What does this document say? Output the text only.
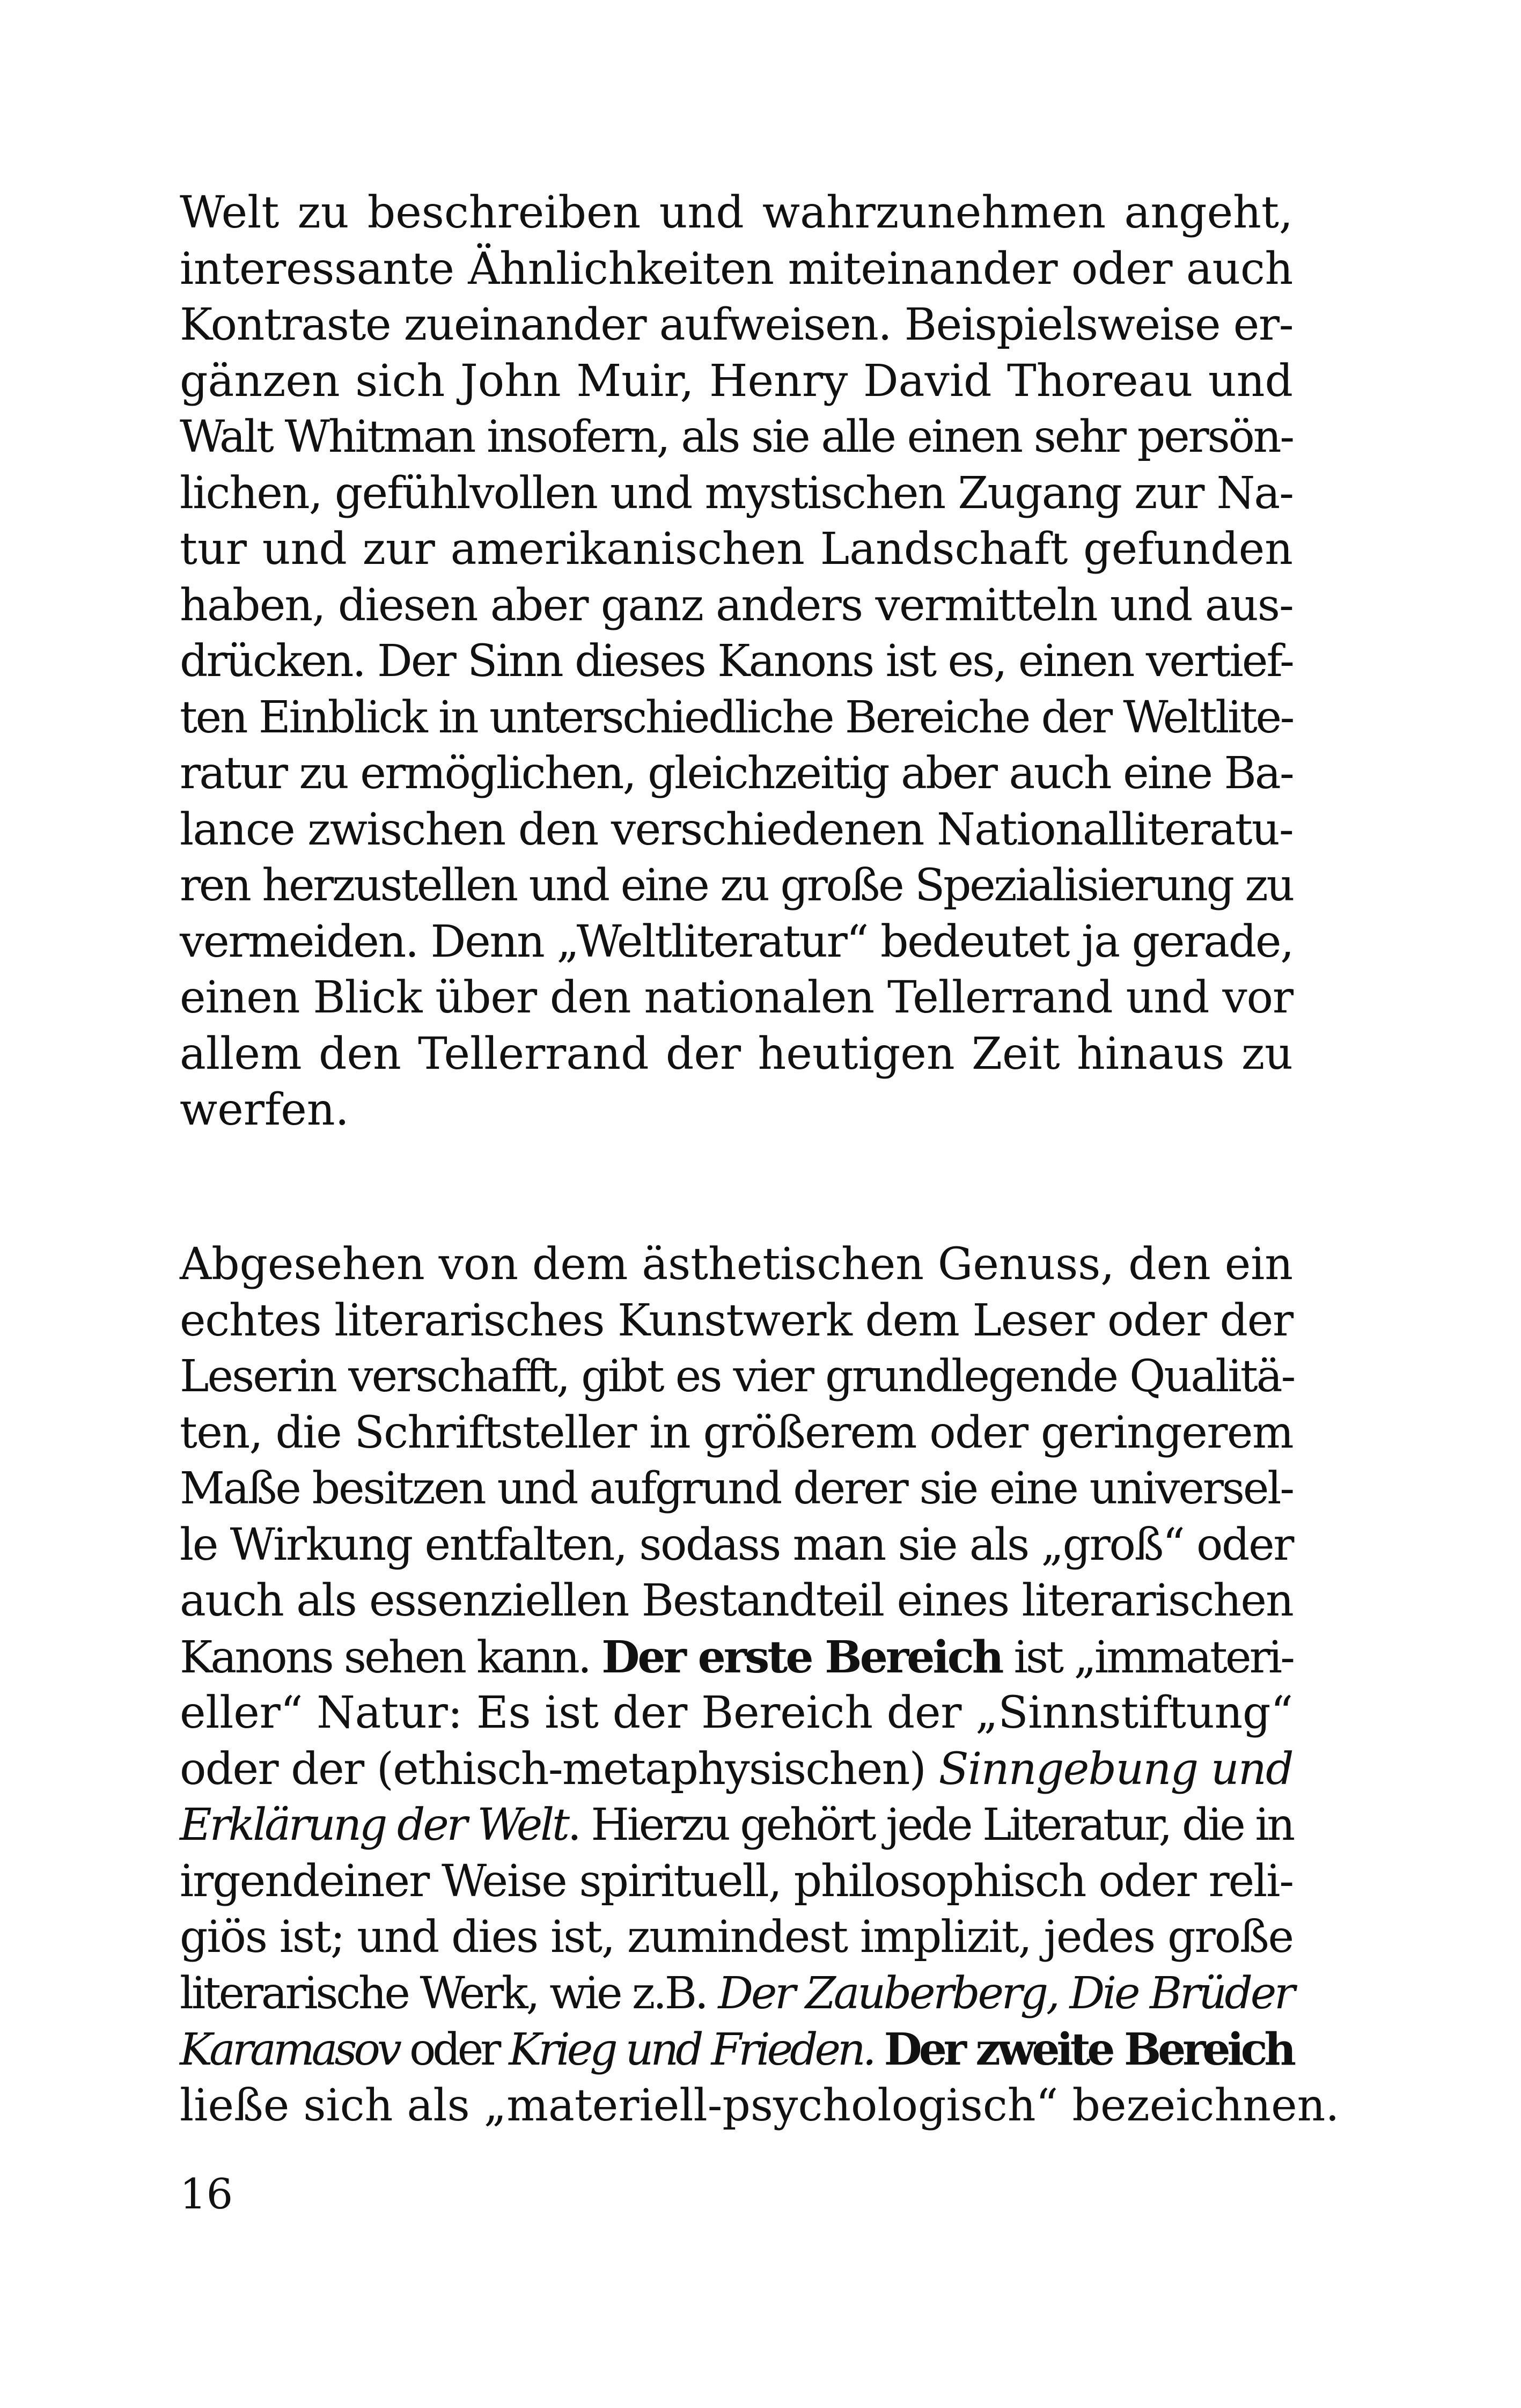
Welt zu beschreiben und wahrzunehmen angeht,
interessante Ähnlichkeiten miteinander oder auch
Kontraste zueinander aufweisen. Beispielsweise er-
gänzen sich John Muir, Henry David Thoreau und
Walt Whitman insofern, als sie alle einen sehr persön-
lichen, gefühlvollen und mystischen Zugang zur Na-
tur und zur amerikanischen Landschaft gefunden
haben, diesen aber ganz anders vermitteln und aus-
drücken. Der Sinn dieses Kanons ist es, einen vertief-
ten Einblick in unterschiedliche Bereiche der Weltlite-
ratur zu ermöglichen, gleichzeitig aber auch eine Ba-
lance zwischen den verschiedenen Nationalliteratu-
ren herzustellen und eine zu große Spezialisierung zu
vermeiden. Denn „Weltliteratur“ bedeutet ja gerade,
einen Blick über den nationalen Tellerrand und vor
allem den Tellerrand der heutigen Zeit hinaus zu
werfen.
Abgesehen von dem ästhetischen Genuss, den ein
echtes literarisches Kunstwerk dem Leser oder der
Leserin verschafft, gibt es vier grundlegende Qualitä-
ten, die Schriftsteller in größerem oder geringerem
Maße besitzen und aufgrund derer sie eine universel-
le Wirkung entfalten, sodass man sie als „groß“ oder
auch als essenziellen Bestandteil eines literarischen
Kanons sehen kann. Der erste Bereich ist „immateri-
eller“ Natur: Es ist der Bereich der „Sinnstiftung“
oder der (ethisch-metaphysischen) Sinngebung und
Erklärung der Welt. Hierzu gehört jede Literatur, die in
irgendeiner Weise spirituell, philosophisch oder reli-
giös ist; und dies ist, zumindest implizit, jedes große
literarische Werk, wie z.B. Der Zauberberg, Die Brüder
Karamasov oder Krieg und Frieden. Der zweite Bereich
ließe sich als „materiell-psychologisch“ bezeichnen.
16
